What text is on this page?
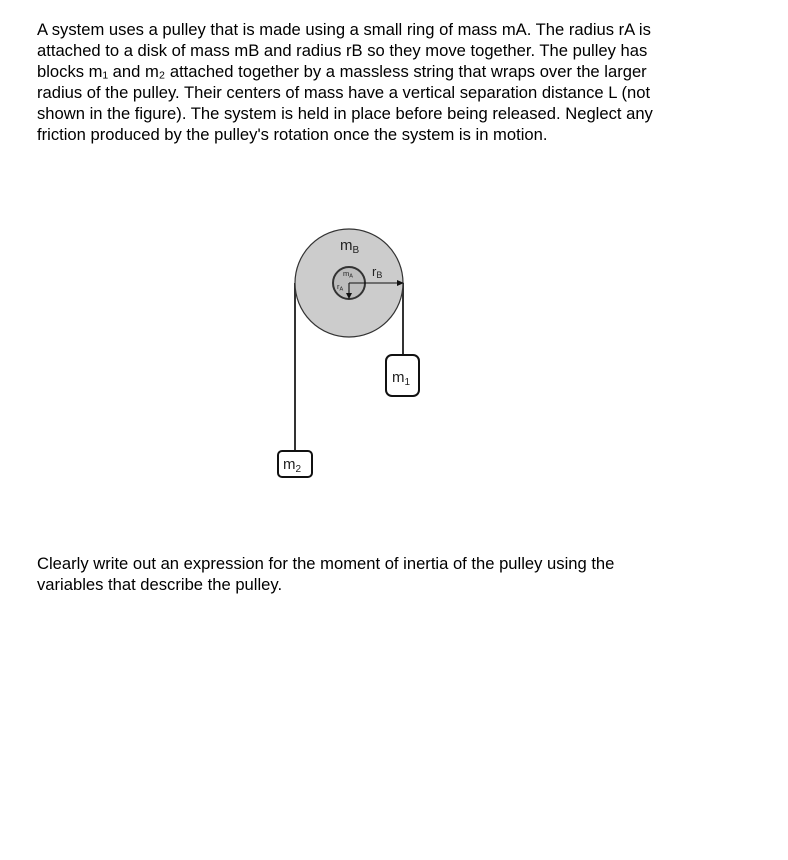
A system uses a pulley that is made using a small ring of mass mA. The radius rA is
attached to a disk of mass mB and radius rB so they move together. The pulley has
blocks m₁ and m₂ attached together by a massless string that wraps over the larger
radius of the pulley. Their centers of mass have a vertical separation distance L (not
shown in the figure). The system is held in place before being released. Neglect any
friction produced by the pulley's rotation once the system is in motion.
$m_B$
$m_A$
$r_A$
rB
$m_1$
$m_2$
Clearly write out an expression for the moment of inertia of the pulley using the
variables that describe the pulley.
